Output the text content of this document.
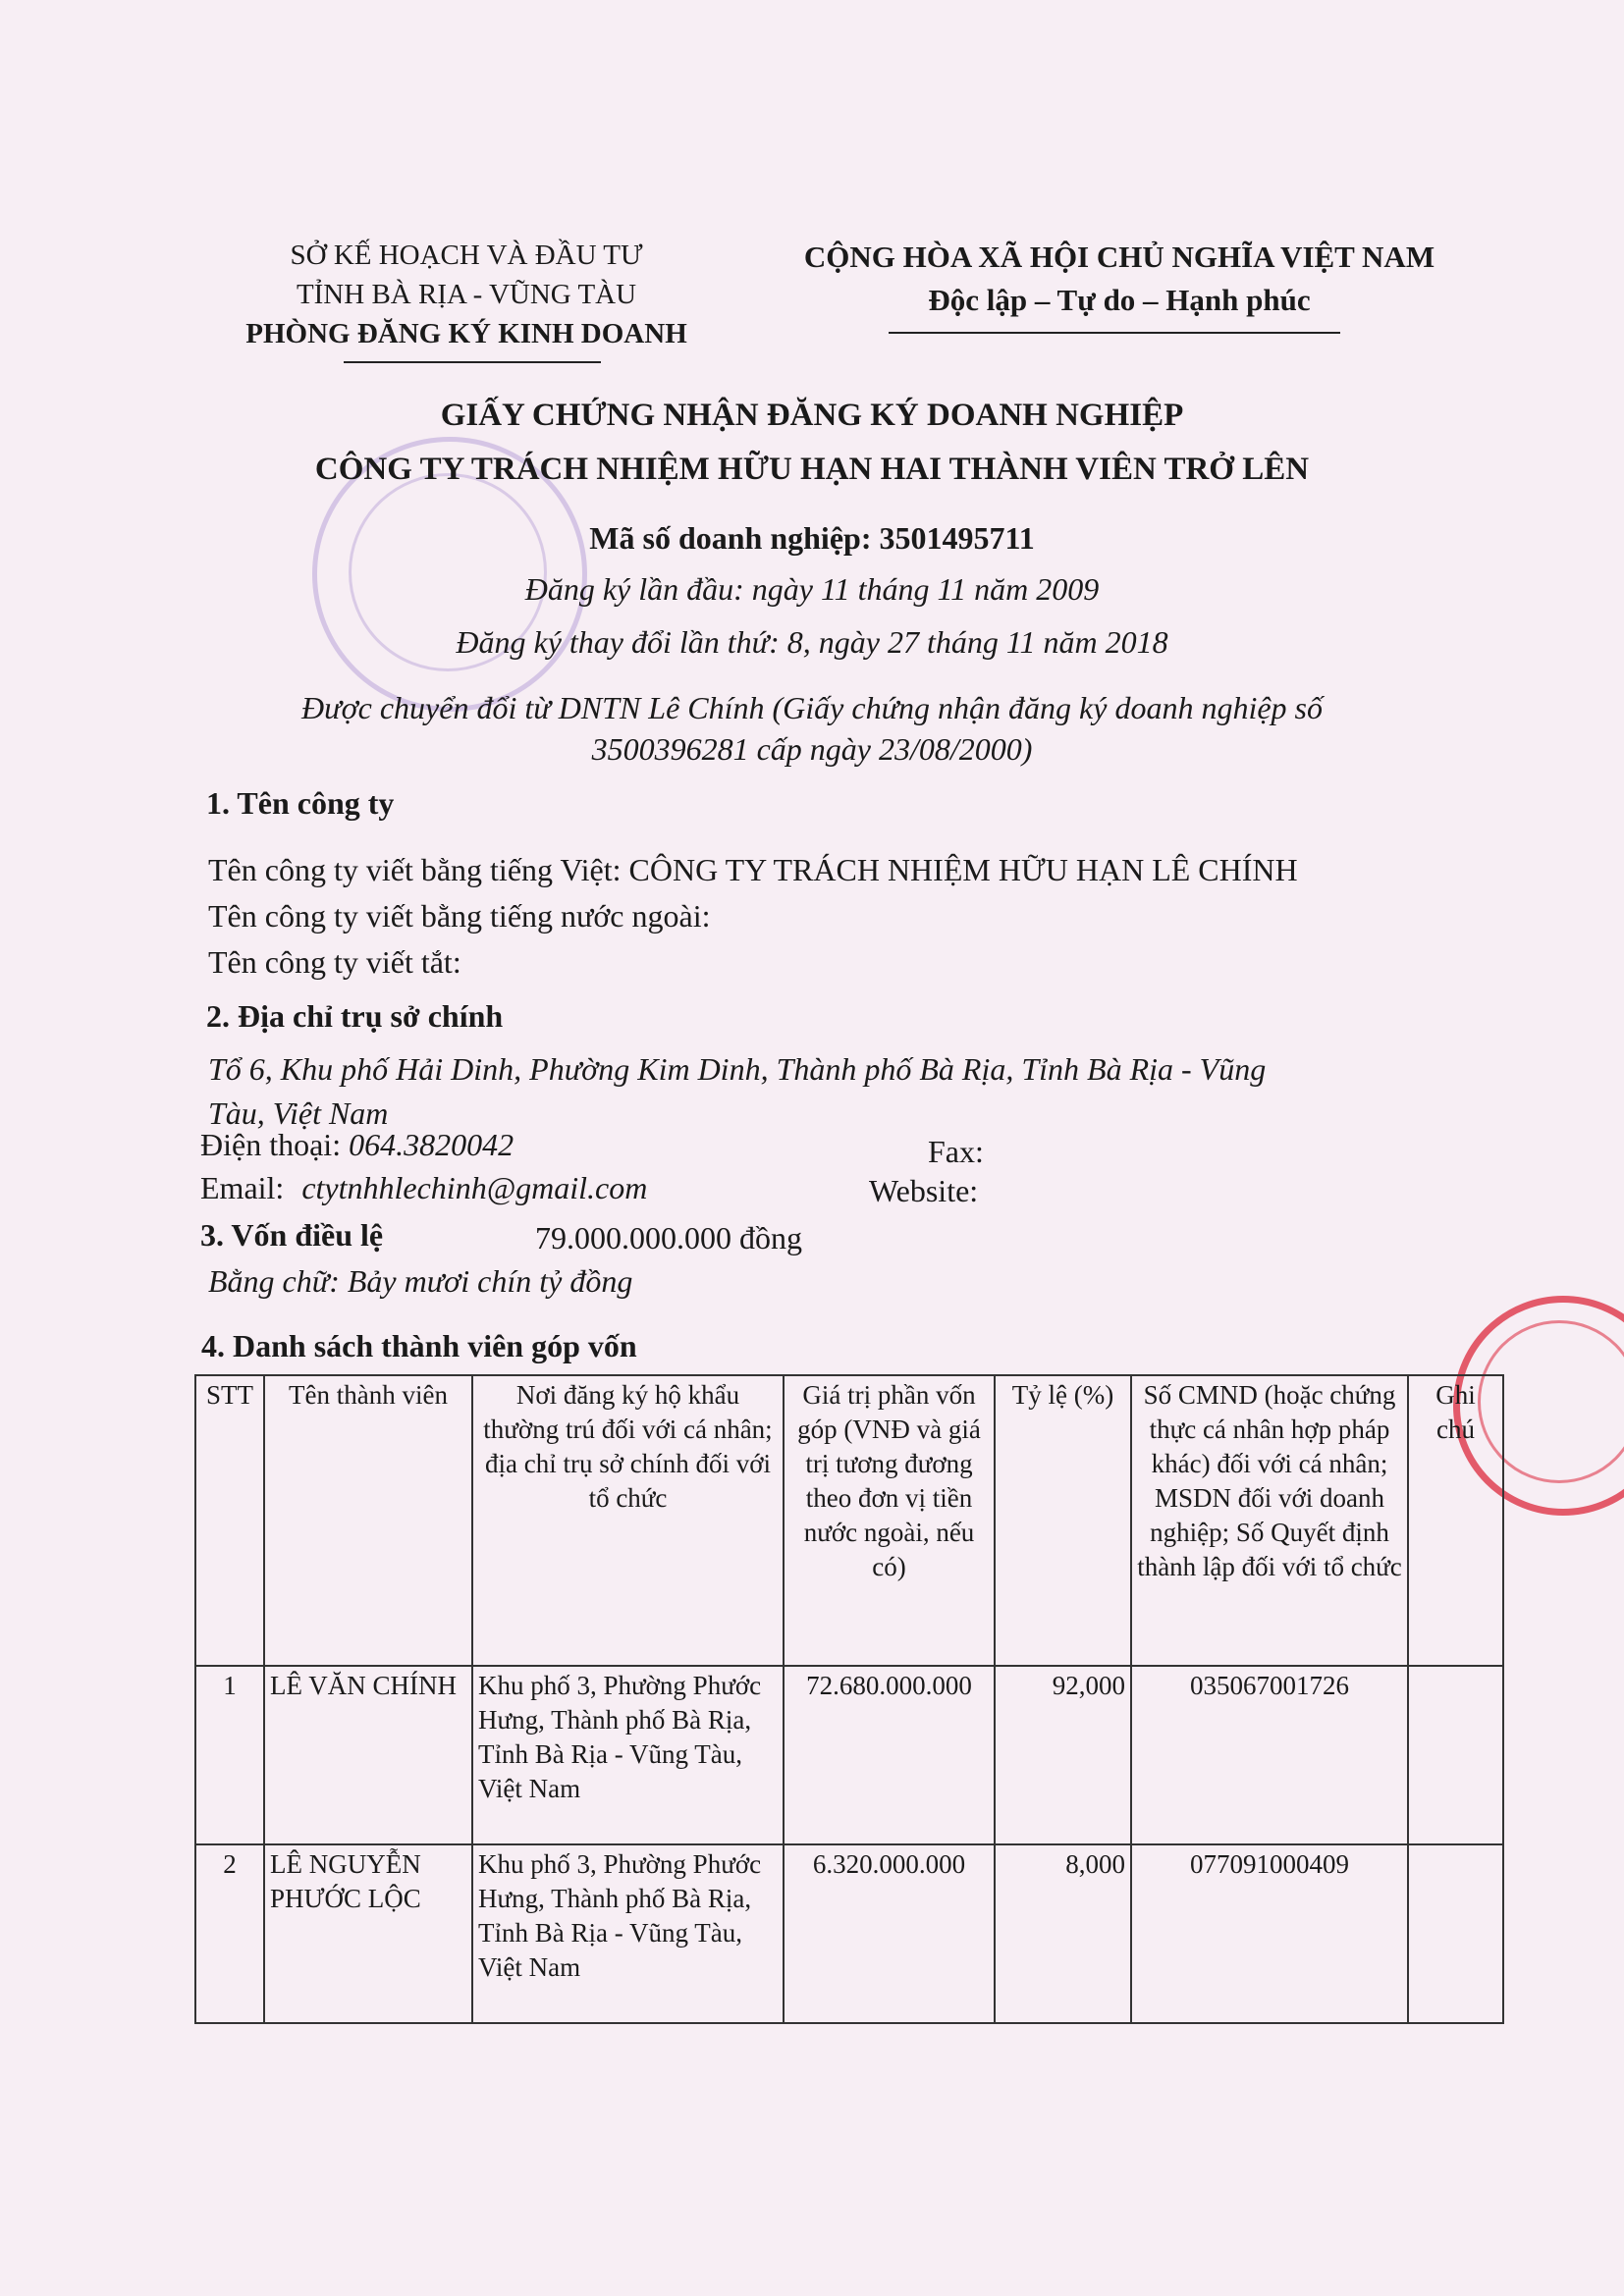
SỞ KẾ HOẠCH VÀ ĐẦU TƯ
TỈNH BÀ RỊA - VŨNG TÀU
PHÒNG ĐĂNG KÝ KINH DOANH
CỘNG HÒA XÃ HỘI CHỦ NGHĨA VIỆT NAM
Độc lập – Tự do – Hạnh phúc
GIẤY CHỨNG NHẬN ĐĂNG KÝ DOANH NGHIỆP
CÔNG TY TRÁCH NHIỆM HỮU HẠN HAI THÀNH VIÊN TRỞ LÊN
Mã số doanh nghiệp: 3501495711
Đăng ký lần đầu: ngày 11 tháng 11 năm 2009
Đăng ký thay đổi lần thứ: 8, ngày 27 tháng 11 năm 2018
Được chuyển đổi từ DNTN Lê Chính (Giấy chứng nhận đăng ký doanh nghiệp số
3500396281 cấp ngày 23/08/2000)
1. Tên công ty
Tên công ty viết bằng tiếng Việt: CÔNG TY TRÁCH NHIỆM HỮU HẠN LÊ CHÍNH
Tên công ty viết bằng tiếng nước ngoài:
Tên công ty viết tắt:
2. Địa chỉ trụ sở chính
Tổ 6, Khu phố Hải Dinh, Phường Kim Dinh, Thành phố Bà Rịa, Tỉnh Bà Rịa - Vũng
Tàu, Việt Nam
Điện thoại: 064.3820042	Fax:
Email: ctytnhhlechinh@gmail.com	Website:
3. Vốn điều lệ	79.000.000.000 đồng
Bằng chữ: Bảy mươi chín tỷ đồng
4. Danh sách thành viên góp vốn
STT	Tên thành viên	Nơi đăng ký hộ khẩu thường trú đối với cá nhân; địa chỉ trụ sở chính đối với tổ chức	Giá trị phần vốn góp (VNĐ và giá trị tương đương theo đơn vị tiền nước ngoài, nếu có)	Tỷ lệ (%)	Số CMND (hoặc chứng thực cá nhân hợp pháp khác) đối với cá nhân; MSDN đối với doanh nghiệp; Số Quyết định thành lập đối với tổ chức	Ghi chú
1	LÊ VĂN CHÍNH	Khu phố 3, Phường Phước Hưng, Thành phố Bà Rịa, Tỉnh Bà Rịa - Vũng Tàu, Việt Nam	72.680.000.000	92,000	035067001726	
2	LÊ NGUYỄN PHƯỚC LỘC	Khu phố 3, Phường Phước Hưng, Thành phố Bà Rịa, Tỉnh Bà Rịa - Vũng Tàu, Việt Nam	6.320.000.000	8,000	077091000409	
